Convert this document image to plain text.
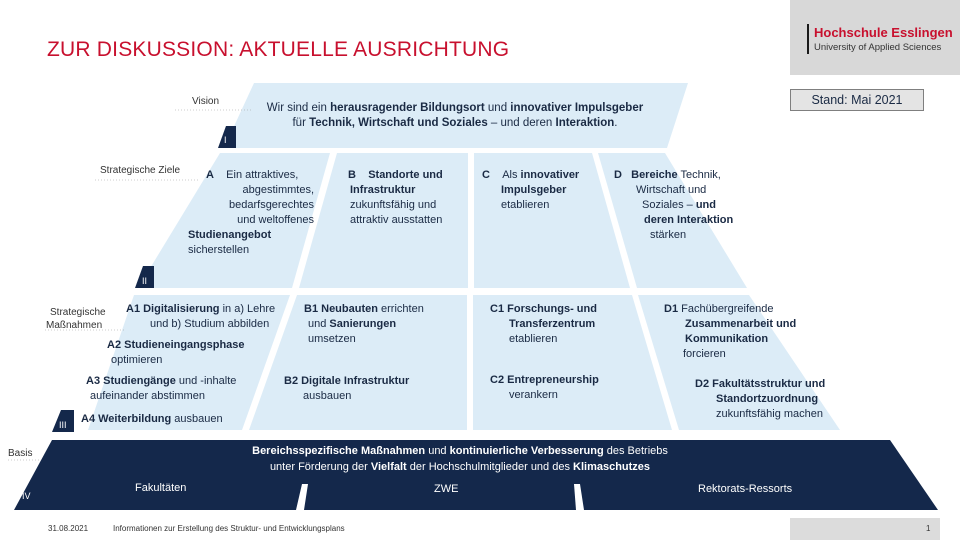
Hochschule Esslingen
University of Applied Sciences
ZUR DISKUSSION: AKTUELLE AUSRICHTUNG
Stand: Mai 2021
Vision
Strategische Ziele
Strategische
Maßnahmen
Basis
I
II
III
IV
Wir sind ein herausragender Bildungsort und innovativer Impulsgeber
für Technik, Wirtschaft und Soziales – und deren Interaktion.
A    Ein attraktives,
abgestimmtes,
bedarfsgerechtes
und weltoffenes
Studienangebot
sicherstellen
B Standorte und
Infrastruktur
zukunftsfähig und
attraktiv ausstatten
C Als innovativer
Impulsgeber
etablieren
D Bereiche Technik,
Wirtschaft und
Soziales – und
deren Interaktion
stärken
A1 Digitalisierung in a) Lehre
und b) Studium abbilden
A2 Studieneingangsphase
optimieren
A3 Studiengänge und -inhalte
aufeinander abstimmen
A4 Weiterbildung ausbauen
B1 Neubauten errichten
und Sanierungen
umsetzen
B2 Digitale Infrastruktur
ausbauen
C1 Forschungs- und
Transferzentrum
etablieren
C2 Entrepreneurship
verankern
D1 Fachübergreifende
Zusammenarbeit und
Kommunikation
forcieren
D2 Fakultätsstruktur und
Standortzuordnung
zukunftsfähig machen
Bereichsspezifische Maßnahmen und kontinuierliche Verbesserung des Betriebs
unter Förderung der Vielfalt der Hochschulmitglieder und des Klimaschutzes
Fakultäten	ZWE	Rektorats-Ressorts
31.08.2021	Informationen zur Erstellung des Struktur- und Entwicklungsplans	1
